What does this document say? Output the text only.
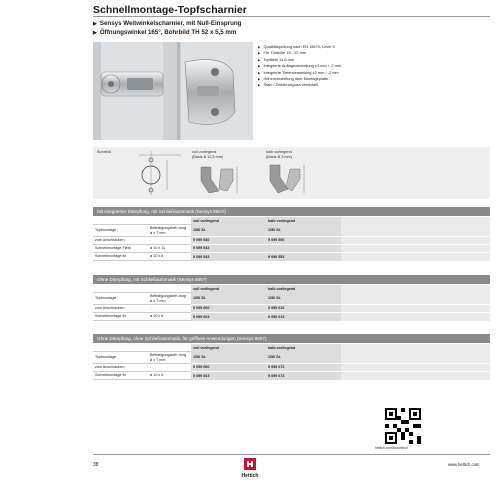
Schnellmontage-Topfscharnier
▶ Sensys Weitwinkelscharnier, mit Null-Einsprung
▶ Öffnungswinkel 165°, Bohrbild TH 52 x 5,5 mm
▶ Qualitätsprüfung nach EN 15570, Level 3
▶ Für Türdicke 16 - 22 mm
▶ Topftiefe 11,6 mm
▶ Integrierte Auflageverstellung ±2 mm / -2 mm
▶ Integrierte Tiefenverstellung ±2 mm / -2 mm
▶ Höhenverstellung über Montageplatte
▶ Stahl / Zinkdruckguss vernickelt
Bohrbild	voll vorliegend
(Basis B 12,5 mm)
halb vorliegend
(Basis B 3 mm)
Mit integrierter Dämpfung, mit Schließautomatik (Sensys 8657i)
		voll vorliegend	halb vorliegend	
Topfmontage	Befestigungsbeh-rung ø x T mm	1/50 St.	1/50 St.	
zum Anschrauben	-	9 099 540	9 099 550	
Schnellmontage Flexk	ø 10 x 11	9 099 542		
Schnellmontage fix	ø 10 x 6	9 099 543	9 099 553	
Ohne Dämpfung, mit Schließautomatik (Sensys 8657)
		voll vorliegend	halb vorliegend	
Topfmontage	Befestigungsbeh-rung ø x T mm	1/50 St.	1/50 St.	
zum Anschrauben	-	9 099 600	9 099 610	
Schnellmontage fix	ø 10 x 6	9 099 603	9 099 613	
Ohne Dämpfung, ohne Schließautomatik, für grifflose Anwendungen (Sensys 8687)
		voll vorliegend	halb vorliegend	
Topfmontage	Befestigungsbeh-rung ø x T mm	1/50 St.	1/50 St.	
zum Anschrauben	-	9 099 660	9 099 670	
Schnellmontage fix	ø 10 x 6	9 099 663	9 099 673	
hettich.com/scan/sbs/t
38
Hettich
www.hettich.com
